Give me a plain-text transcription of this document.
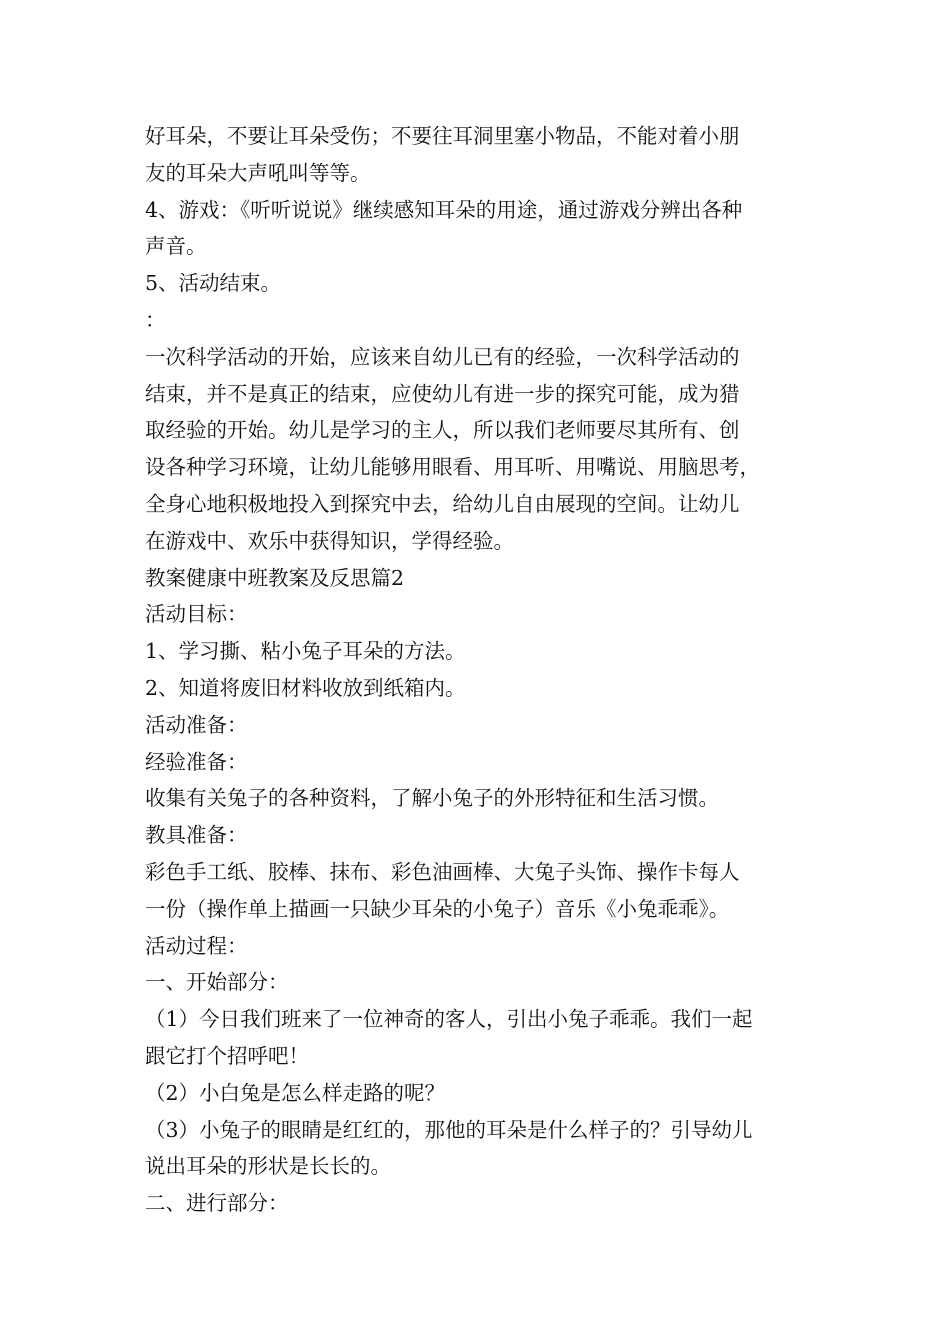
好耳朵，不要让耳朵受伤；不要往耳洞里塞小物品，不能对着小朋
友的耳朵大声吼叫等等。
4、游戏：《听听说说》继续感知耳朵的用途，通过游戏分辨出各种
声音。
5、活动结束。
：
一次科学活动的开始，应该来自幼儿已有的经验，一次科学活动的
结束，并不是真正的结束，应使幼儿有进一步的探究可能，成为猎
取经验的开始。幼儿是学习的主人，所以我们老师要尽其所有、创
设各种学习环境，让幼儿能够用眼看、用耳听、用嘴说、用脑思考，
全身心地积极地投入到探究中去，给幼儿自由展现的空间。让幼儿
在游戏中、欢乐中获得知识，学得经验。
教案健康中班教案及反思篇2
活动目标：
1、学习撕、粘小兔子耳朵的方法。
2、知道将废旧材料收放到纸箱内。
活动准备：
经验准备：
收集有关兔子的各种资料，了解小兔子的外形特征和生活习惯。
教具准备：
彩色手工纸、胶棒、抹布、彩色油画棒、大兔子头饰、操作卡每人
一份（操作单上描画一只缺少耳朵的小兔子）音乐《小兔乖乖》。
活动过程：
一、开始部分：
（1）今日我们班来了一位神奇的客人，引出小兔子乖乖。我们一起
跟它打个招呼吧！
（2）小白兔是怎么样走路的呢？
（3）小兔子的眼睛是红红的，那他的耳朵是什么样子的？引导幼儿
说出耳朵的形状是长长的。
二、进行部分：
